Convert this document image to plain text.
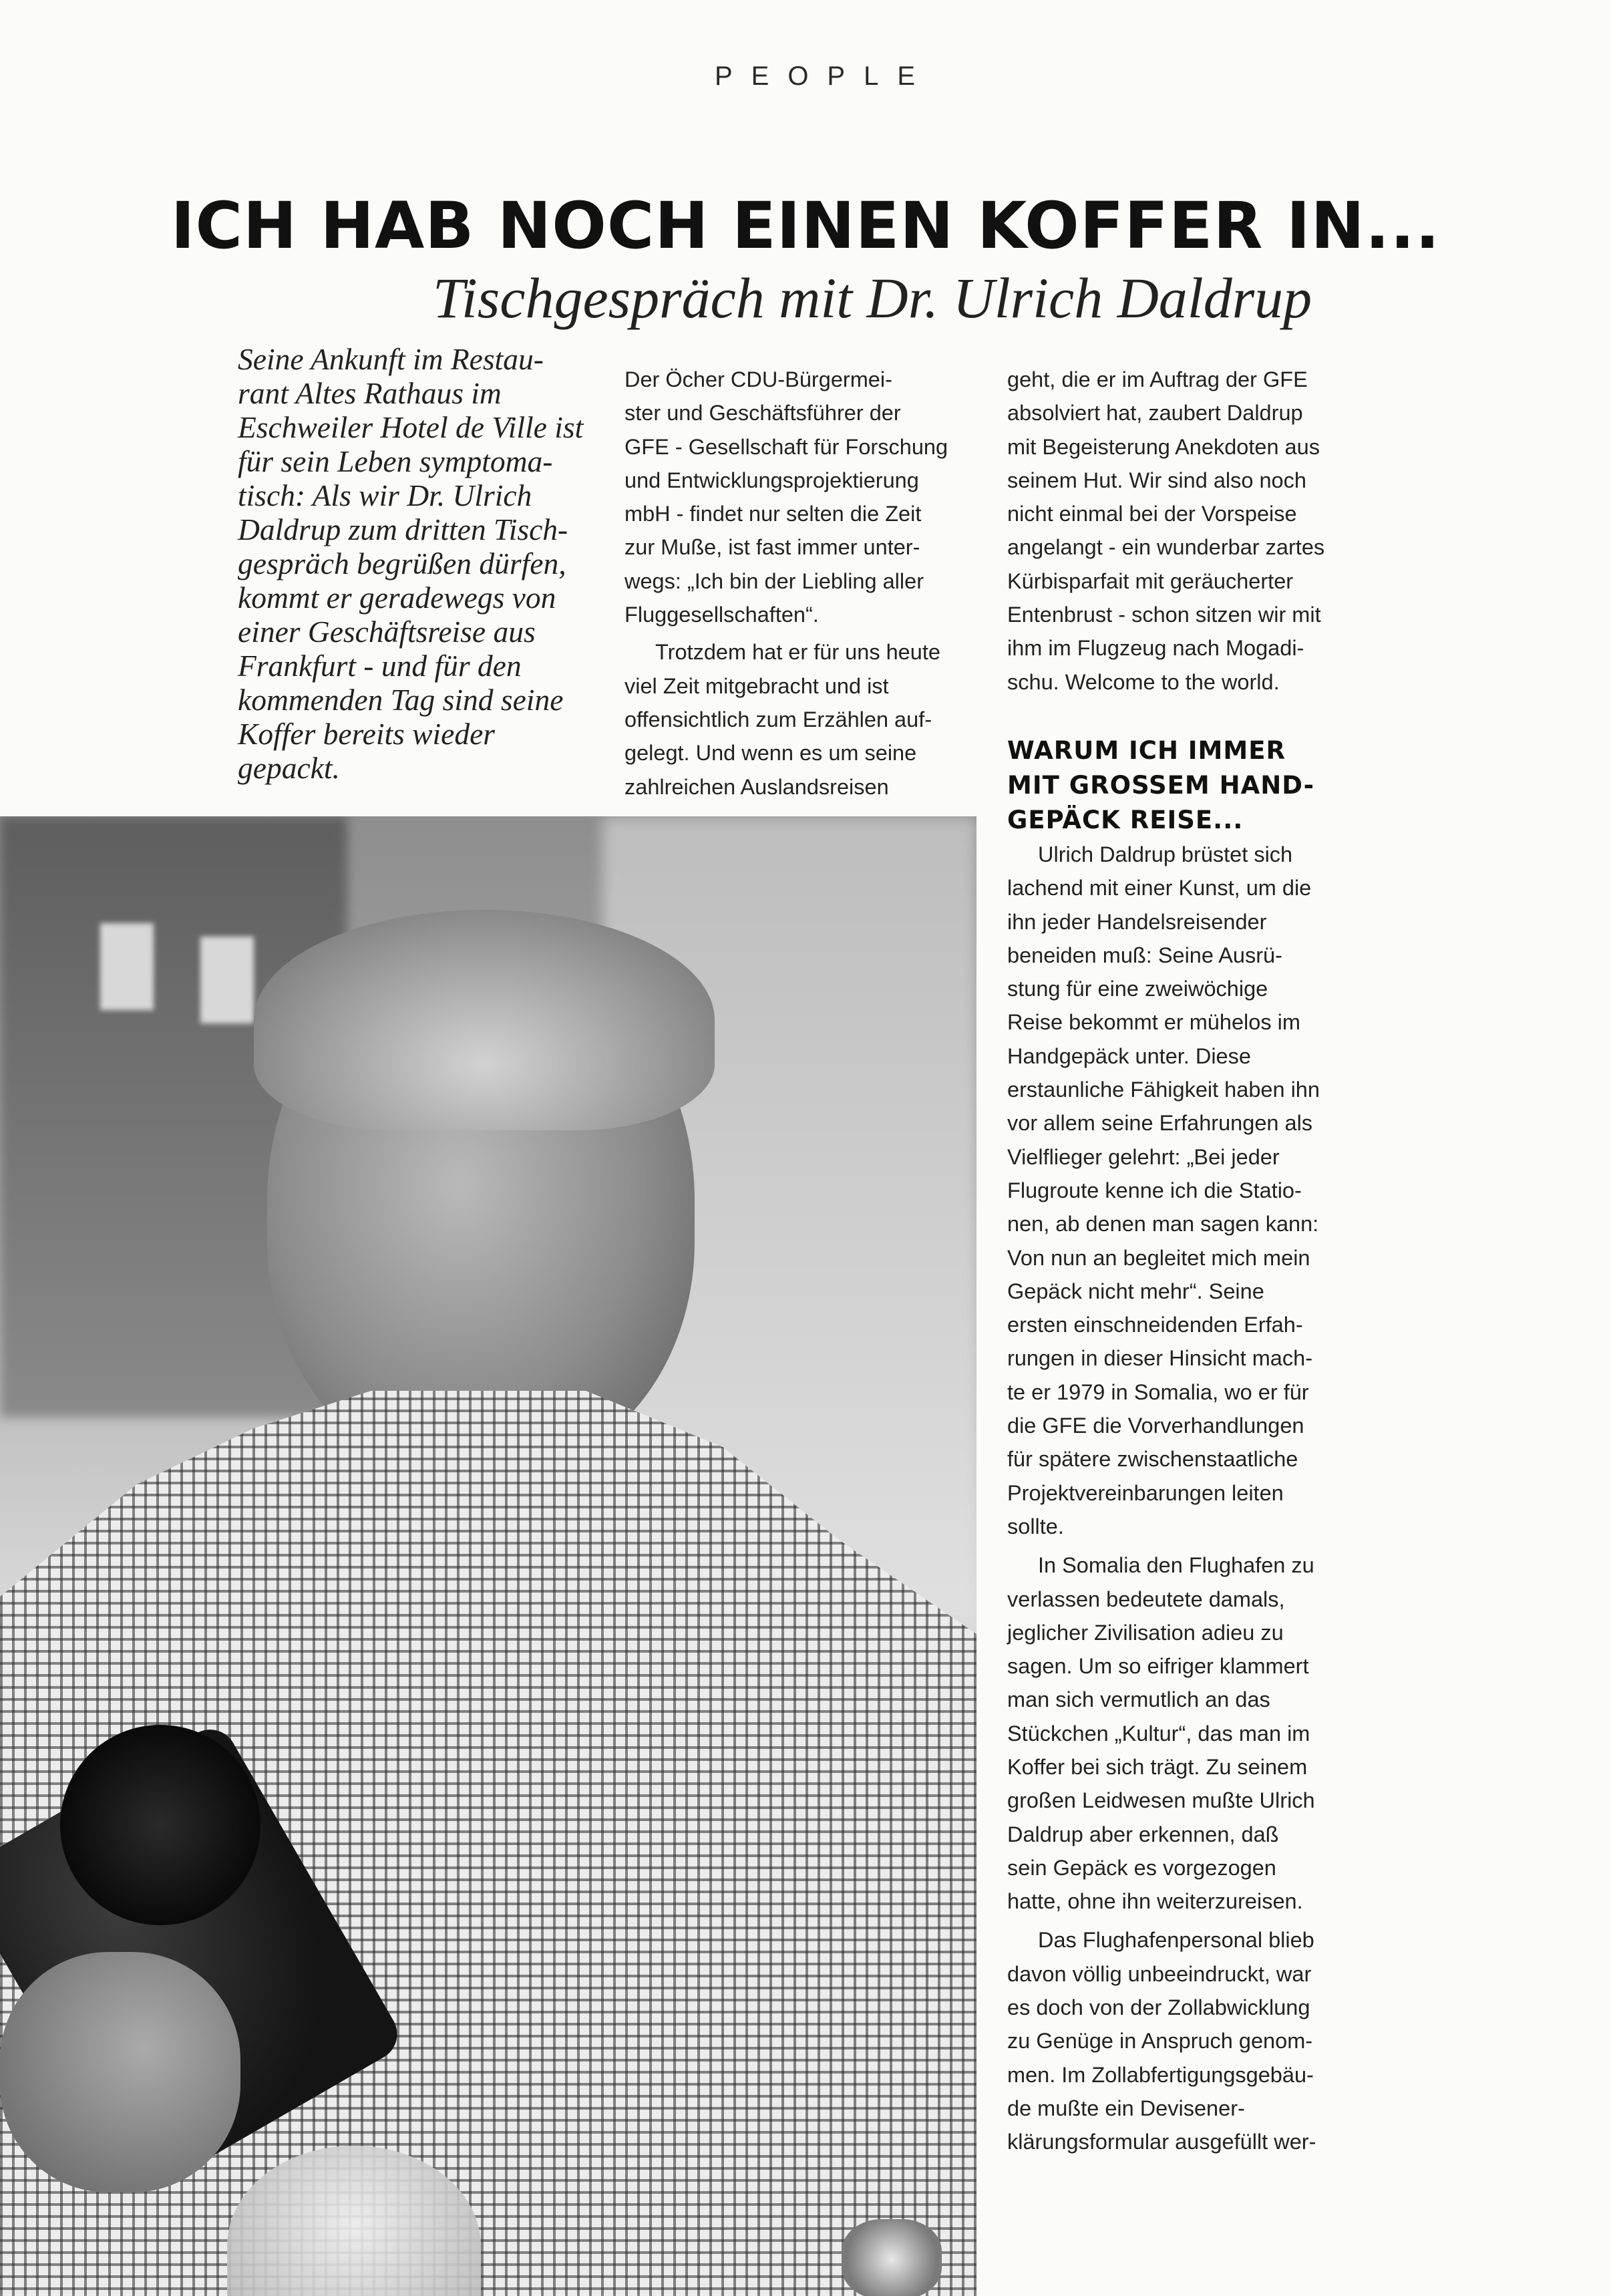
PEOPLE
ICH HAB NOCH EINEN KOFFER IN...
Tischgespräch mit Dr. Ulrich Daldrup

Seine Ankunft im Restau-
rant Altes Rathaus im
Eschweiler Hotel de Ville ist
für sein Leben symptoma-
tisch: Als wir Dr. Ulrich
Daldrup zum dritten Tisch-
gespräch begrüßen dürfen,
kommt er geradewegs von
einer Geschäftsreise aus
Frankfurt - und für den
kommenden Tag sind seine
Koffer bereits wieder
gepackt.

Der Öcher CDU-Bürgermei-
ster und Geschäftsführer der
GFE - Gesellschaft für Forschung
und Entwicklungsprojektierung
mbH - findet nur selten die Zeit
zur Muße, ist fast immer unter-
wegs: „Ich bin der Liebling aller
Fluggesellschaften“.

Trotzdem hat er für uns heute
viel Zeit mitgebracht und ist
offensichtlich zum Erzählen auf-
gelegt. Und wenn es um seine
zahlreichen Auslandsreisen

geht, die er im Auftrag der GFE
absolviert hat, zaubert Daldrup
mit Begeisterung Anekdoten aus
seinem Hut. Wir sind also noch
nicht einmal bei der Vorspeise
angelangt - ein wunderbar zartes
Kürbisparfait mit geräucherter
Entenbrust - schon sitzen wir mit
ihm im Flugzeug nach Mogadi-
schu. Welcome to the world.

WARUM ICH IMMER
MIT GROSSEM HAND-
GEPÄCK REISE...

Ulrich Daldrup brüstet sich
lachend mit einer Kunst, um die
ihn jeder Handelsreisender
beneiden muß: Seine Ausrü-
stung für eine zweiwöchige
Reise bekommt er mühelos im
Handgepäck unter. Diese
erstaunliche Fähigkeit haben ihn
vor allem seine Erfahrungen als
Vielflieger gelehrt: „Bei jeder
Flugroute kenne ich die Statio-
nen, ab denen man sagen kann:
Von nun an begleitet mich mein
Gepäck nicht mehr“. Seine
ersten einschneidenden Erfah-
rungen in dieser Hinsicht mach-
te er 1979 in Somalia, wo er für
die GFE die Vorverhandlungen
für spätere zwischenstaatliche
Projektvereinbarungen leiten
sollte.

In Somalia den Flughafen zu
verlassen bedeutete damals,
jeglicher Zivilisation adieu zu
sagen. Um so eifriger klammert
man sich vermutlich an das
Stückchen „Kultur“, das man im
Koffer bei sich trägt. Zu seinem
großen Leidwesen mußte Ulrich
Daldrup aber erkennen, daß
sein Gepäck es vorgezogen
hatte, ohne ihn weiterzureisen.

Das Flughafenpersonal blieb
davon völlig unbeeindruckt, war
es doch von der Zollabwicklung
zu Genüge in Anspruch genom-
men. Im Zollabfertigungsgebäu-
de mußte ein Devisener-
klärungsformular ausgefüllt wer-
